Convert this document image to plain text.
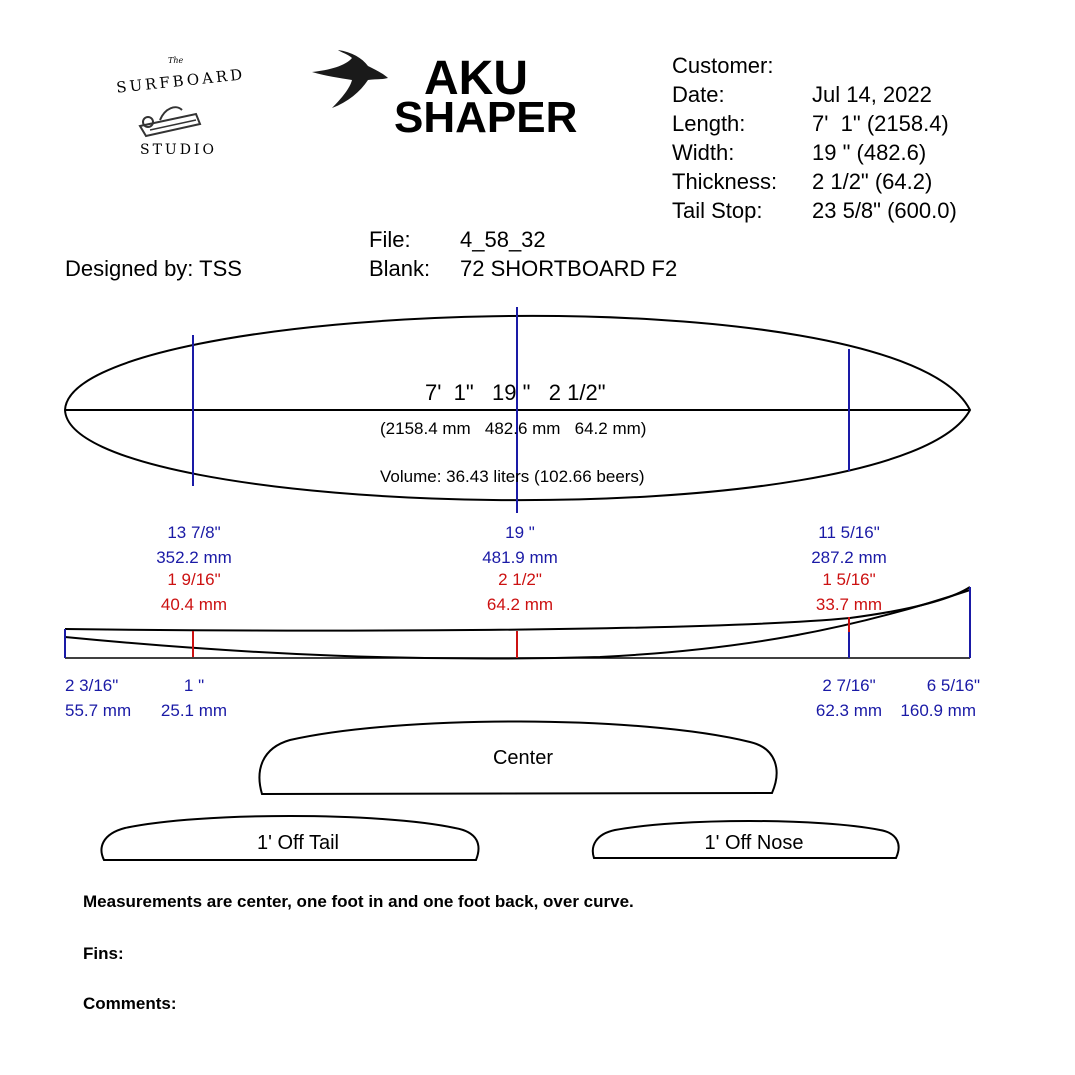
The
SURFBOARD
STUDIO
AKU
SHAPER
Customer:
Date:	Jul 14, 2022
Length:	7'  1" (2158.4)
Width:	19 " (482.6)
Thickness: 2 1/2" (64.2)
Tail Stop: 23 5/8" (600.0)
File: 4_58_32
Blank: 72 SHORTBOARD F2
Designed by: TSS
7'  1"   19 "   2 1/2"
(2158.4 mm   482.6 mm   64.2 mm)
Volume: 36.43 liters (102.66 beers)
13 7/8"
352.2 mm
19 "
481.9 mm
11 5/16"
287.2 mm
1 9/16"
40.4 mm
2 1/2"
64.2 mm
1 5/16"
33.7 mm
2 3/16"
55.7 mm
1 "
25.1 mm
2 7/16"
62.3 mm
6 5/16"
160.9 mm
Center
1' Off Tail	1' Off Nose
Measurements are center, one foot in and one foot back, over curve.
Fins:
Comments:
